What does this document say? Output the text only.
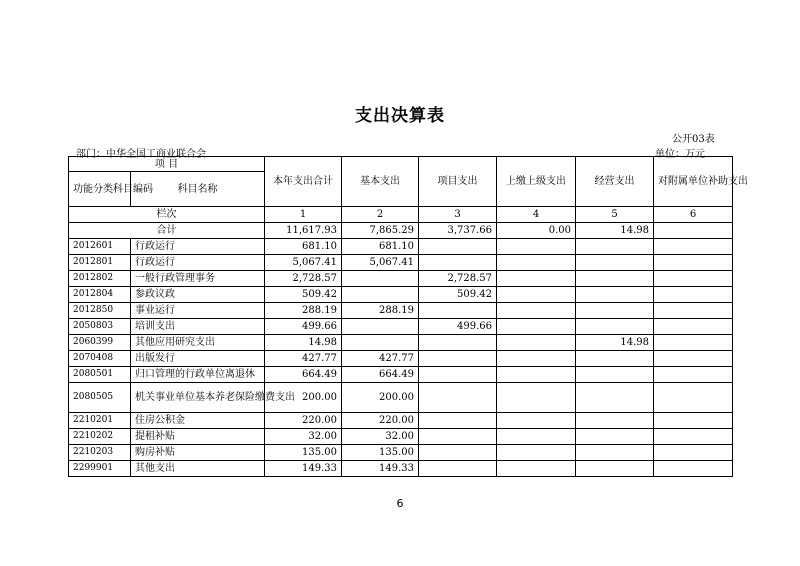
支出决算表
公开03表
部门：中华全国工商业联合会	单位：万元
项 目		本年支出合计	基本支出	项目支出	上缴上级支出	经营支出	对附属单位补助支出
功能分类科目编码	科目名称						
栏次		1	2	3	4	5	6
合计		11,617.93	7,865.29	3,737.66	0.00	14.98	
2012601	行政运行	681.10	681.10				
2012801	行政运行	5,067.41	5,067.41				
2012802	一般行政管理事务	2,728.57		2,728.57			
2012804	参政议政	509.42		509.42			
2012850	事业运行	288.19	288.19				
2050803	培训支出	499.66		499.66			
2060399	其他应用研究支出	14.98				14.98	
2070408	出版发行	427.77	427.77				
2080501	归口管理的行政单位离退休	664.49	664.49				
2080505	机关事业单位基本养老保险缴费支出	200.00	200.00				
2210201	住房公积金	220.00	220.00				
2210202	提租补贴	32.00	32.00				
2210203	购房补贴	135.00	135.00				
2299901	其他支出	149.33	149.33				
6
